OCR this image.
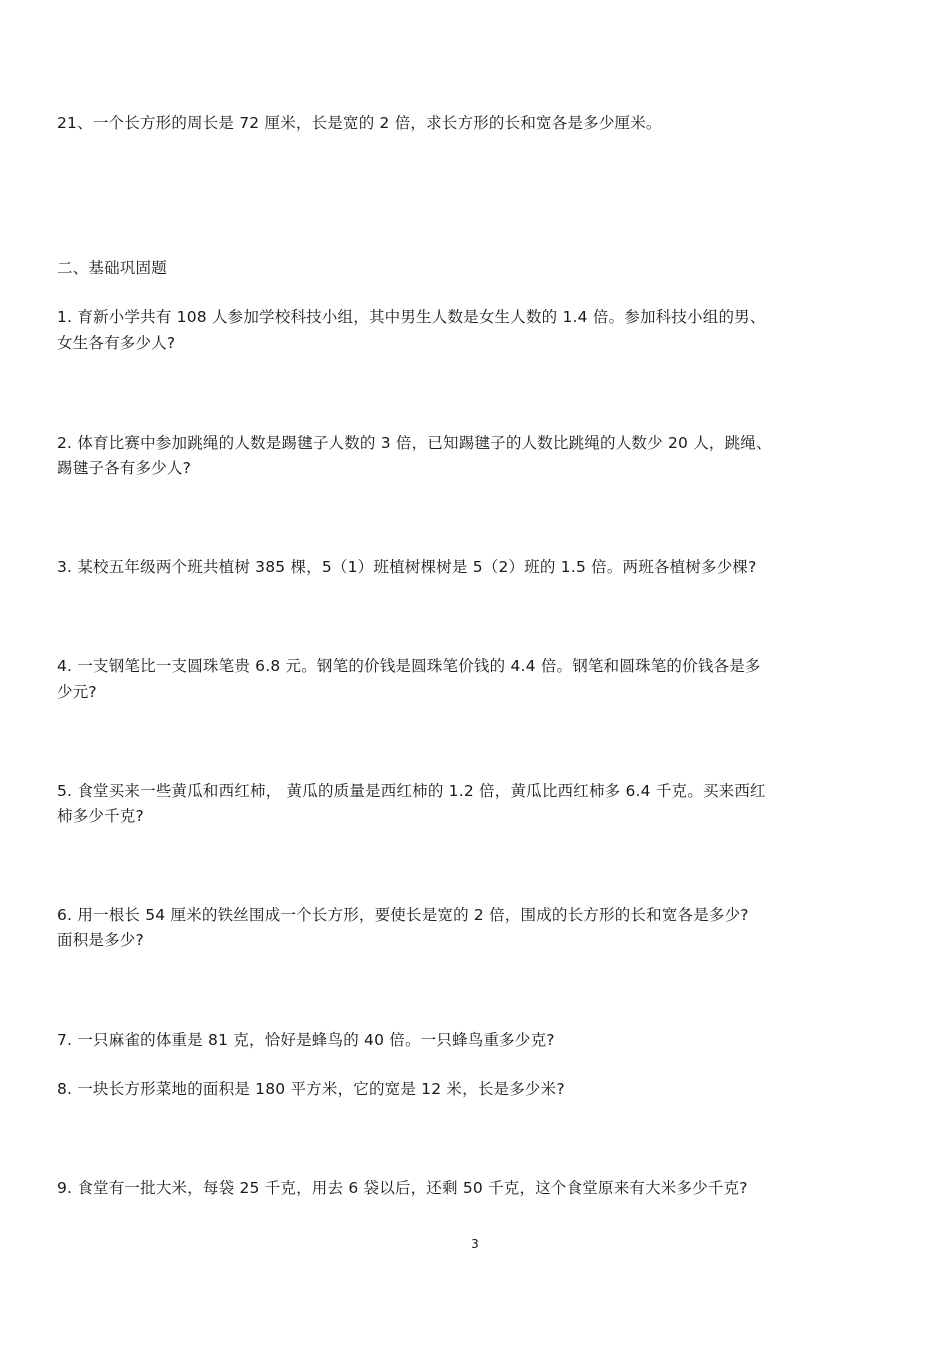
21、一个长方形的周长是 72 厘米，长是宽的 2 倍，求长方形的长和宽各是多少厘米。
二、基础巩固题
1. 育新小学共有 108 人参加学校科技小组，其中男生人数是女生人数的 1.4 倍。参加科技小组的男、
女生各有多少人?
2. 体育比赛中参加跳绳的人数是踢毽子人数的 3 倍，已知踢毽子的人数比跳绳的人数少 20 人，跳绳、
踢毽子各有多少人?
3. 某校五年级两个班共植树 385 棵，5（1）班植树棵树是 5（2）班的 1.5 倍。两班各植树多少棵?
4. 一支钢笔比一支圆珠笔贵 6.8 元。钢笔的价钱是圆珠笔价钱的 4.4 倍。钢笔和圆珠笔的价钱各是多
少元?
5. 食堂买来一些黄瓜和西红柿， 黄瓜的质量是西红柿的 1.2 倍，黄瓜比西红柿多 6.4 千克。买来西红
柿多少千克?
6. 用一根长 54 厘米的铁丝围成一个长方形，要使长是宽的 2 倍，围成的长方形的长和宽各是多少?
面积是多少?
7. 一只麻雀的体重是 81 克，恰好是蜂鸟的 40 倍。一只蜂鸟重多少克?
8. 一块长方形菜地的面积是 180 平方米，它的宽是 12 米，长是多少米?
9. 食堂有一批大米，每袋 25 千克，用去 6 袋以后，还剩 50 千克，这个食堂原来有大米多少千克?
3
